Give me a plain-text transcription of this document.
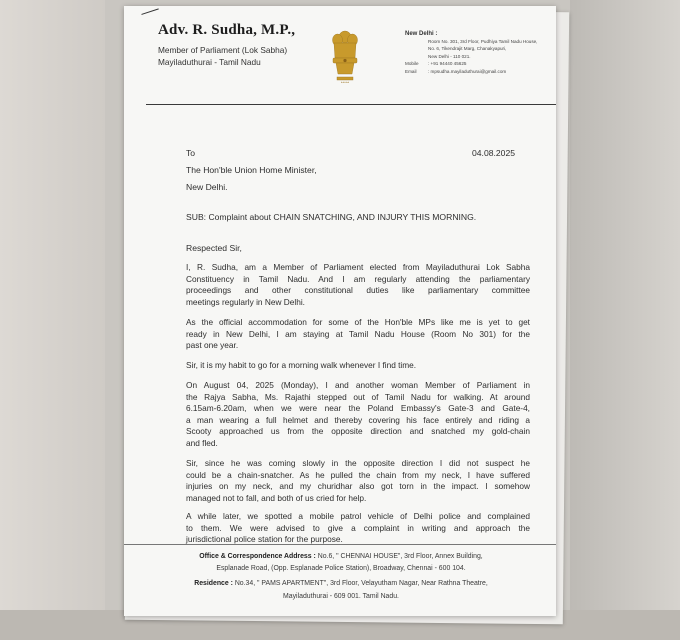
Adv. R. Sudha, M.P.,
Member of Parliament (Lok Sabha)
Mayiladuthurai - Tamil Nadu
॰॰॰॰॰
New Delhi :
Room No. 301, 3rd Floor, Pudhiya Tamil Nadu House,
No. 6, Tikendrajit Marg, Chanakyapuri,
New Delhi - 110 021.
Mobile : +91 94440 45625
Email	: mpsudha.mayiladuthurai@gmail.com
To	04.08.2025
The Hon'ble Union Home Minister,
New Delhi.
SUB: Complaint about CHAIN SNATCHING, AND INJURY THIS MORNING.
Respected Sir,
I, R. Sudha, am a Member of Parliament elected from Mayiladuthurai Lok Sabha
Constituency in Tamil Nadu. And I am regularly attending the parliamentary
proceedings and other constitutional duties like parliamentary committee
meetings regularly in New Delhi.
As the official accommodation for some of the Hon'ble MPs like me is yet to get
ready in New Delhi, I am staying at Tamil Nadu House (Room No 301) for the
past one year.
Sir, it is my habit to go for a morning walk whenever I find time.
On August 04, 2025 (Monday), I and another woman Member of Parliament in
the Rajya Sabha, Ms. Rajathi stepped out of Tamil Nadu for walking. At around
6.15am-6.20am, when we were near the Poland Embassy's Gate-3 and Gate-4,
a man wearing a full helmet and thereby covering his face entirely and riding a
Scooty approached us from the opposite direction and snatched my gold-chain
and fled.
Sir, since he was coming slowly in the opposite direction I did not suspect he
could be a chain-snatcher. As he pulled the chain from my neck, I have suffered
injuries on my neck, and my churidhar also got torn in the impact. I somehow
managed not to fall, and both of us cried for help.
A while later, we spotted a mobile patrol vehicle of Delhi police and complained
to them. We were advised to give a complaint in writing and approach the
jurisdictional police station for the purpose.
Office & Correspondence Address : No.6, " CHENNAI HOUSE", 3rd Floor, Annex Building,
Esplanade Road, (Opp. Esplanade Police Station), Broadway, Chennai - 600 104.
Residence : No.34, " PAMS APARTMENT", 3rd Floor, Velayutham Nagar, Near Rathna Theatre,
Mayiladuthurai - 609 001. Tamil Nadu.
